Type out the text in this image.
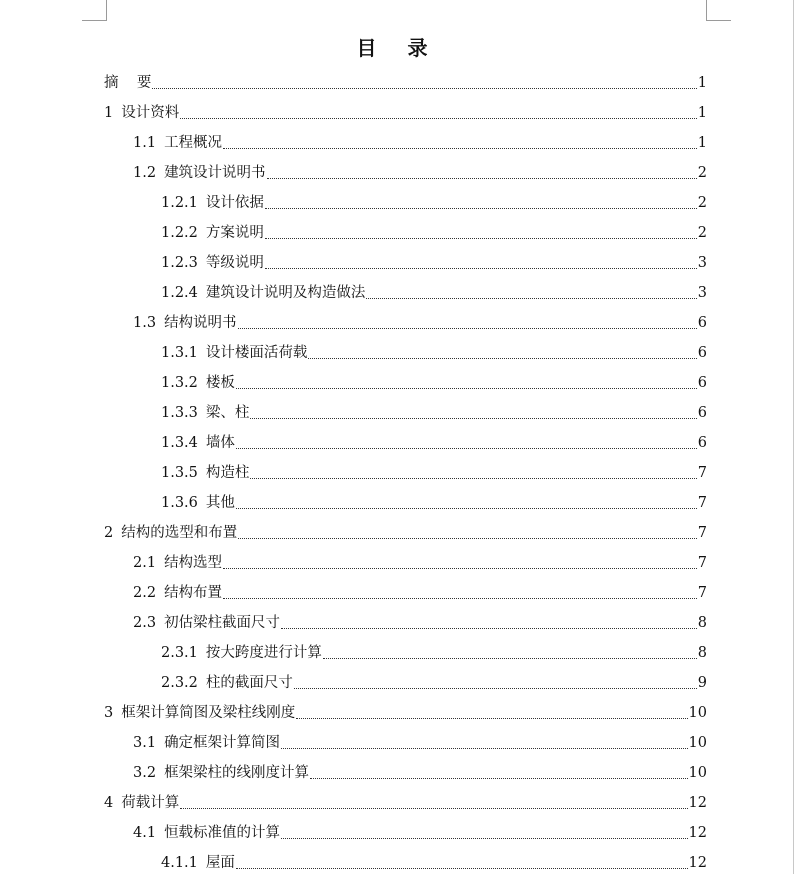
目 录
摘    要	1
1 设计资料	1
1.1 工程概况	1
1.2 建筑设计说明书	2
1.2.1 设计依据	2
1.2.2 方案说明	2
1.2.3 等级说明	3
1.2.4 建筑设计说明及构造做法	3
1.3 结构说明书	6
1.3.1 设计楼面活荷载	6
1.3.2 楼板	6
1.3.3 梁、柱	6
1.3.4 墙体	6
1.3.5 构造柱	7
1.3.6 其他	7
2 结构的选型和布置	7
2.1 结构选型	7
2.2 结构布置	7
2.3 初估梁柱截面尺寸	8
2.3.1 按大跨度进行计算	8
2.3.2 柱的截面尺寸	9
3 框架计算简图及梁柱线刚度	10
3.1 确定框架计算简图	10
3.2 框架梁柱的线刚度计算	10
4 荷载计算	12
4.1 恒载标准值的计算	12
4.1.1 屋面	12
